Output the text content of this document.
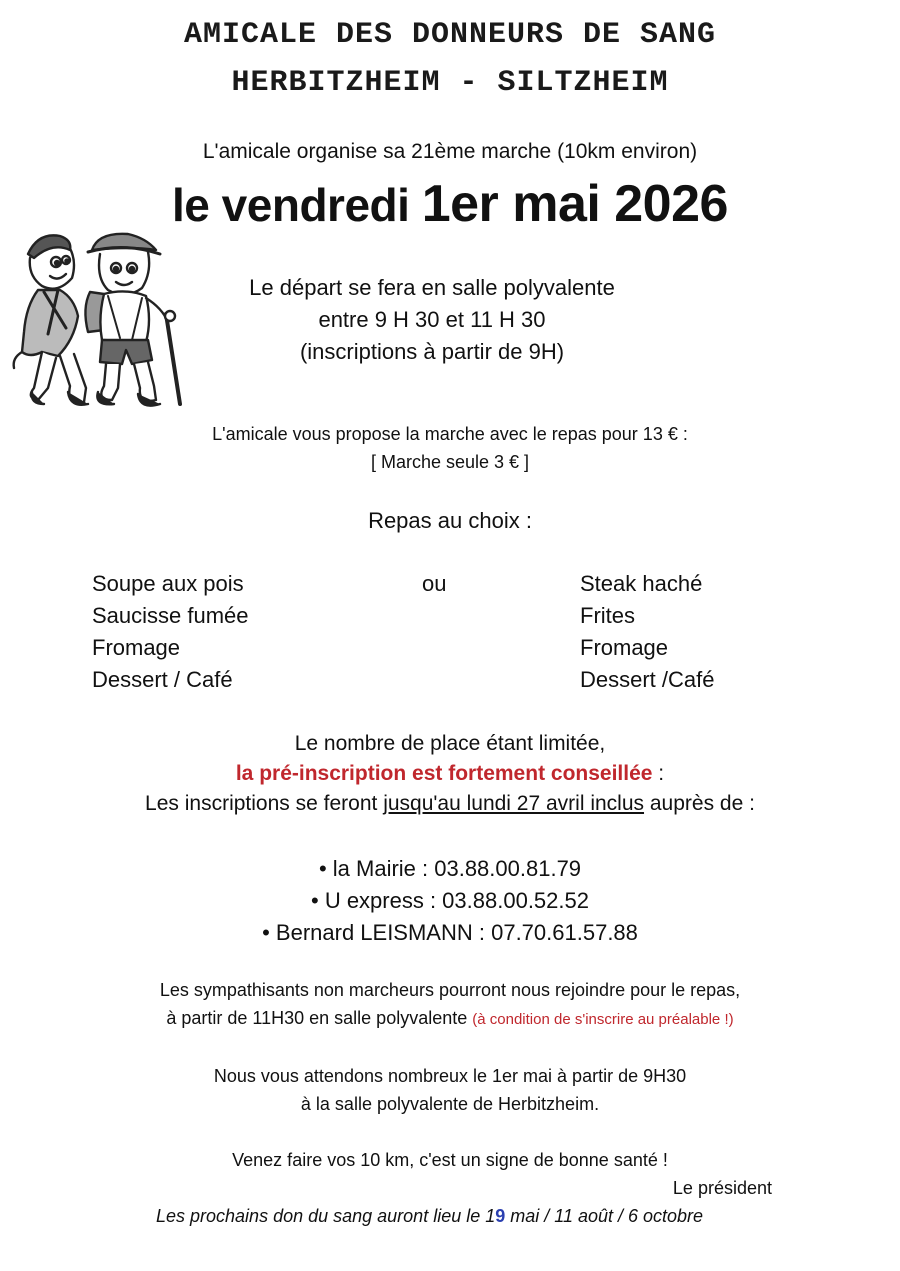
AMICALE DES DONNEURS DE SANG
HERBITZHEIM - SILTZHEIM
L'amicale organise sa 21ème marche (10km environ)
le vendredi 1er mai 2026
Le départ se fera en salle polyvalente
entre 9 H 30 et 11 H 30
(inscriptions à partir de 9H)
L'amicale vous propose la marche avec le repas pour 13 € :
[ Marche seule 3 € ]
Repas au choix :
Soupe aux pois
Saucisse fumée
Fromage
Dessert / Café
ou	Steak haché
Frites
Fromage
Dessert /Café
Le nombre de place étant limitée,
la pré-inscription est fortement conseillée :
Les inscriptions se feront jusqu'au lundi 27 avril inclus auprès de :
• la Mairie : 03.88.00.81.79
• U express : 03.88.00.52.52
• Bernard LEISMANN : 07.70.61.57.88
Les sympathisants non marcheurs pourront nous rejoindre pour le repas,
à partir de 11H30 en salle polyvalente (à condition de s'inscrire au préalable !)
Nous vous attendons nombreux le 1er mai à partir de 9H30
à la salle polyvalente de Herbitzheim.
Venez faire vos 10 km, c'est un signe de bonne santé !
Le président
Les prochains don du sang auront lieu le 19 mai / 11 août / 6 octobre
